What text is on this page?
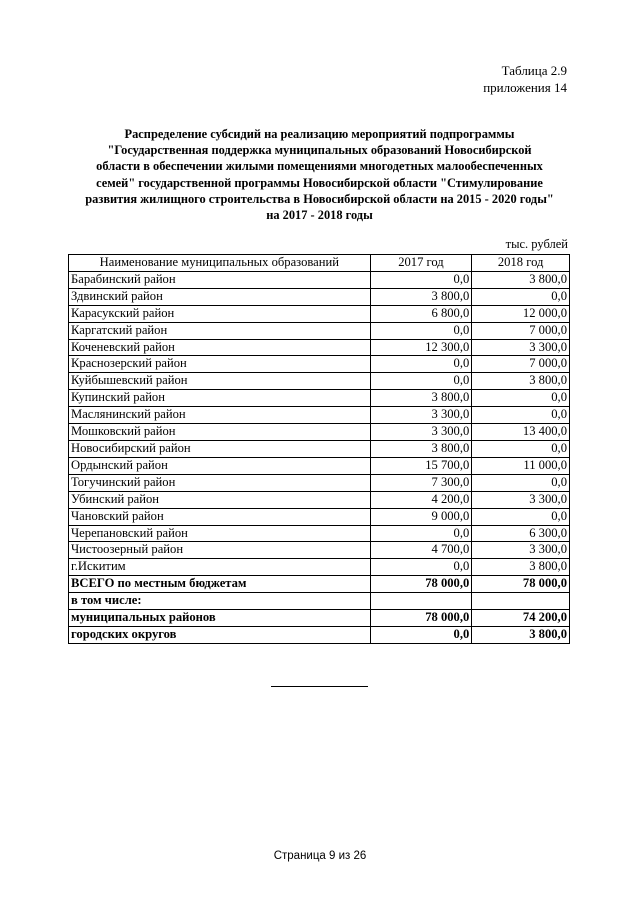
Таблица 2.9
приложения 14
Распределение субсидий на реализацию мероприятий подпрограммы
"Государственная поддержка муниципальных образований Новосибирской
области в обеспечении жилыми помещениями многодетных малообеспеченных
семей" государственной программы Новосибирской области "Стимулирование
развития жилищного строительства в Новосибирской области на 2015 - 2020 годы"
на 2017 - 2018 годы
тыс. рублей
Наименование муниципальных образований	2017 год	2018 год
Барабинский район	0,0	3 800,0
Здвинский район	3 800,0	0,0
Карасукский район	6 800,0	12 000,0
Каргатский район	0,0	7 000,0
Коченевский район	12 300,0	3 300,0
Краснозерский район	0,0	7 000,0
Куйбышевский район	0,0	3 800,0
Купинский район	3 800,0	0,0
Маслянинский район	3 300,0	0,0
Мошковский район	3 300,0	13 400,0
Новосибирский район	3 800,0	0,0
Ордынский район	15 700,0	11 000,0
Тогучинский район	7 300,0	0,0
Убинский район	4 200,0	3 300,0
Чановский район	9 000,0	0,0
Черепановский район	0,0	6 300,0
Чистоозерный район	4 700,0	3 300,0
г.Искитим	0,0	3 800,0
ВСЕГО по местным бюджетам	78 000,0	78 000,0
в том числе:		
муниципальных районов	78 000,0	74 200,0
городских округов	0,0	3 800,0
Страница 9 из 26
